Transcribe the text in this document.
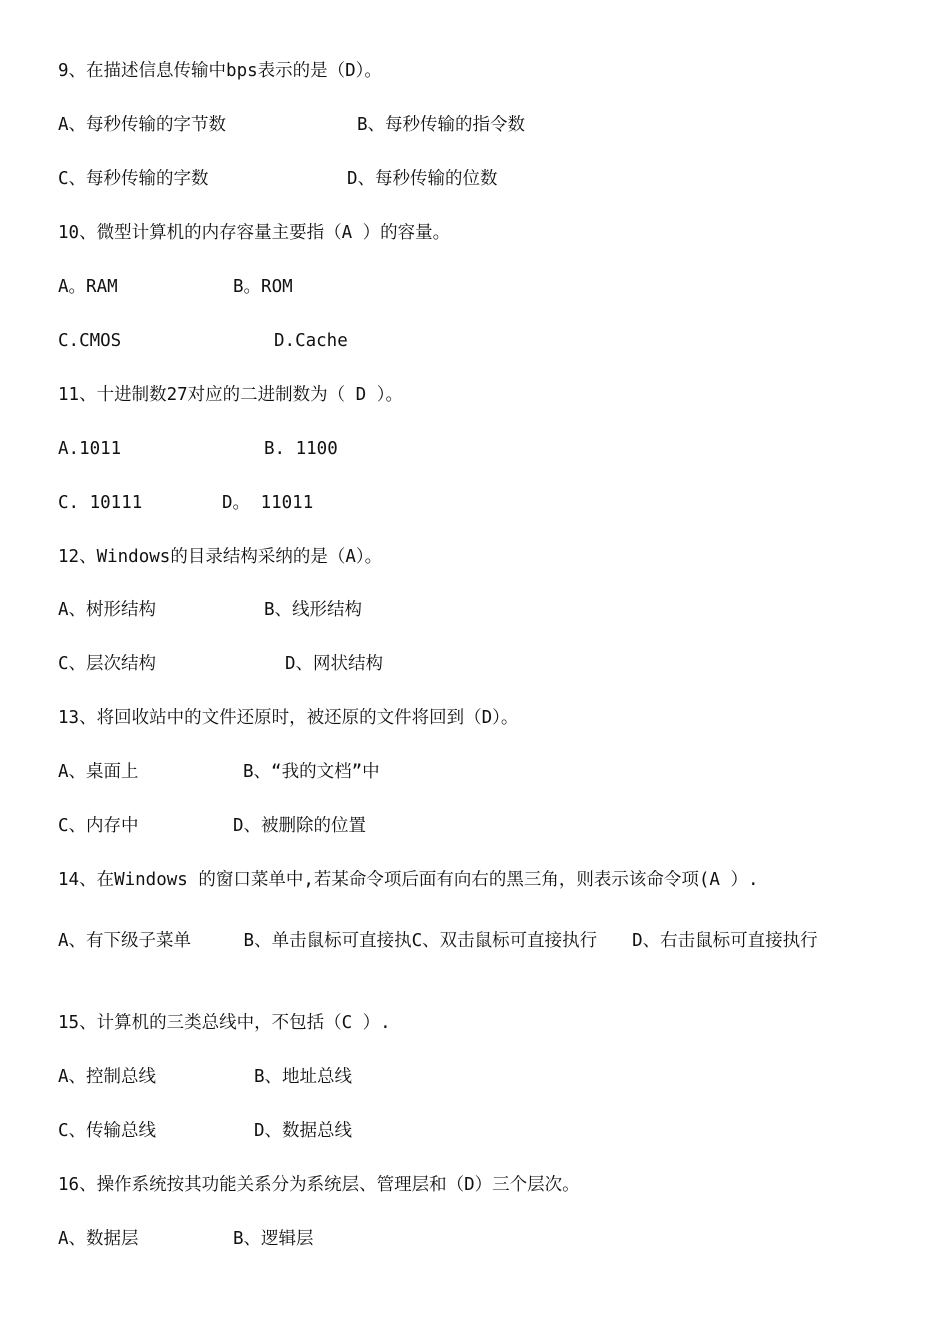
9、在描述信息传输中bps表示的是（D）。
A、每秒传输的字节数	B、每秒传输的指令数
C、每秒传输的字数	D、每秒传输的位数
10、微型计算机的内存容量主要指（A ）的容量。
A。RAM	B。ROM
C.CMOS	D.Cache
11、十进制数27对应的二进制数为（ D ）。
A.1011	B. 1100
C. 10111	D。 11011
12、Windows的目录结构采纳的是（A）。
A、树形结构	B、线形结构
C、层次结构	D、网状结构
13、将回收站中的文件还原时，被还原的文件将回到（D）。
A、桌面上	B、“我的文档”中
C、内存中	D、被删除的位置
14、在Windows 的窗口菜单中,若某命令项后面有向右的黑三角，则表示该命令项(A ）.
A、有下级子菜单　　　B、单击鼠标可直接执C、双击鼠标可直接执行　　D、右击鼠标可直接执行
15、计算机的三类总线中，不包括（C ）.
A、控制总线	B、地址总线
C、传输总线	D、数据总线
16、操作系统按其功能关系分为系统层、管理层和（D）三个层次。
A、数据层	B、逻辑层
